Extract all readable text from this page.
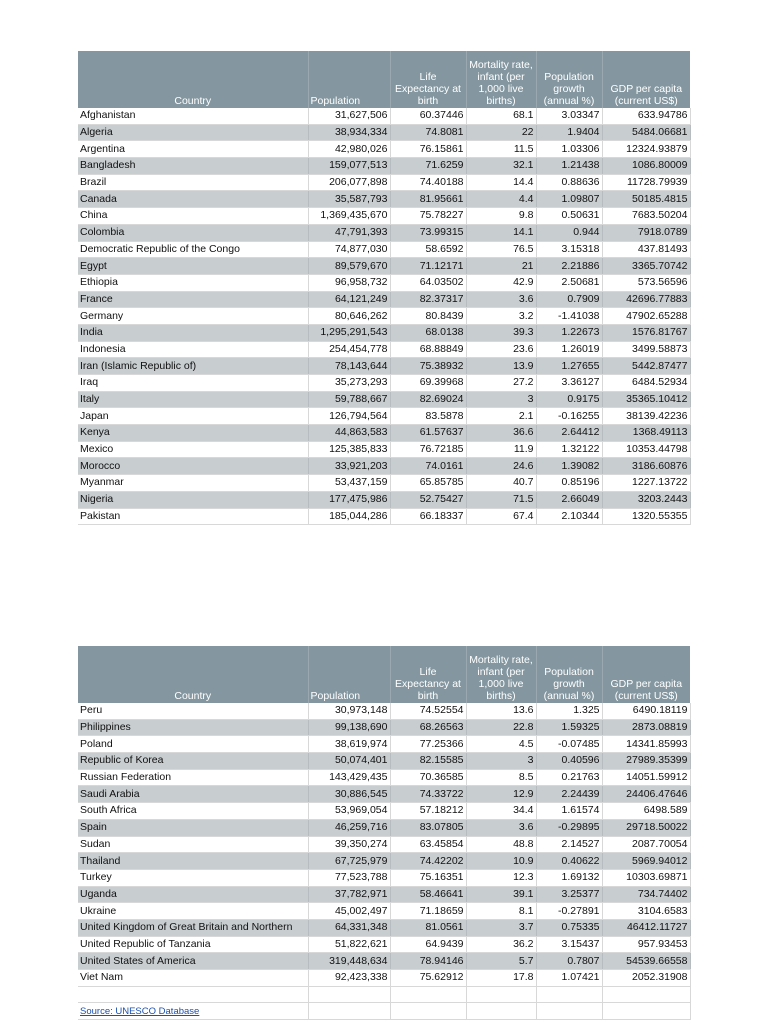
Country	Population	Life Expectancy at birth	Mortality rate, infant (per 1,000 live births)	Population growth (annual %)	GDP per capita (current US$)
Afghanistan	31,627,506	60.37446	68.1	3.03347	633.94786
Algeria	38,934,334	74.8081	22	1.9404	5484.06681
Argentina	42,980,026	76.15861	11.5	1.03306	12324.93879
Bangladesh	159,077,513	71.6259	32.1	1.21438	1086.80009
Brazil	206,077,898	74.40188	14.4	0.88636	11728.79939
Canada	35,587,793	81.95661	4.4	1.09807	50185.4815
China	1,369,435,670	75.78227	9.8	0.50631	7683.50204
Colombia	47,791,393	73.99315	14.1	0.944	7918.0789
Democratic Republic of the Congo	74,877,030	58.6592	76.5	3.15318	437.81493
Egypt	89,579,670	71.12171	21	2.21886	3365.70742
Ethiopia	96,958,732	64.03502	42.9	2.50681	573.56596
France	64,121,249	82.37317	3.6	0.7909	42696.77883
Germany	80,646,262	80.8439	3.2	-1.41038	47902.65288
India	1,295,291,543	68.0138	39.3	1.22673	1576.81767
Indonesia	254,454,778	68.88849	23.6	1.26019	3499.58873
Iran (Islamic Republic of)	78,143,644	75.38932	13.9	1.27655	5442.87477
Iraq	35,273,293	69.39968	27.2	3.36127	6484.52934
Italy	59,788,667	82.69024	3	0.9175	35365.10412
Japan	126,794,564	83.5878	2.1	-0.16255	38139.42236
Kenya	44,863,583	61.57637	36.6	2.64412	1368.49113
Mexico	125,385,833	76.72185	11.9	1.32122	10353.44798
Morocco	33,921,203	74.0161	24.6	1.39082	3186.60876
Myanmar	53,437,159	65.85785	40.7	0.85196	1227.13722
Nigeria	177,475,986	52.75427	71.5	2.66049	3203.2443
Pakistan	185,044,286	66.18337	67.4	2.10344	1320.55355
Country	Population	Life Expectancy at birth	Mortality rate, infant (per 1,000 live births)	Population growth (annual %)	GDP per capita (current US$)
Peru	30,973,148	74.52554	13.6	1.325	6490.18119
Philippines	99,138,690	68.26563	22.8	1.59325	2873.08819
Poland	38,619,974	77.25366	4.5	-0.07485	14341.85993
Republic of Korea	50,074,401	82.15585	3	0.40596	27989.35399
Russian Federation	143,429,435	70.36585	8.5	0.21763	14051.59912
Saudi Arabia	30,886,545	74.33722	12.9	2.24439	24406.47646
South Africa	53,969,054	57.18212	34.4	1.61574	6498.589
Spain	46,259,716	83.07805	3.6	-0.29895	29718.50022
Sudan	39,350,274	63.45854	48.8	2.14527	2087.70054
Thailand	67,725,979	74.42202	10.9	0.40622	5969.94012
Turkey	77,523,788	75.16351	12.3	1.69132	10303.69871
Uganda	37,782,971	58.46641	39.1	3.25377	734.74402
Ukraine	45,002,497	71.18659	8.1	-0.27891	3104.6583
United Kingdom of Great Britain and Northern	64,331,348	81.0561	3.7	0.75335	46412.11727
United Republic of Tanzania	51,822,621	64.9439	36.2	3.15437	957.93453
United States of America	319,448,634	78.94146	5.7	0.7807	54539.66558
Viet Nam	92,423,338	75.62912	17.8	1.07421	2052.31908

Source: UNESCO Database					
